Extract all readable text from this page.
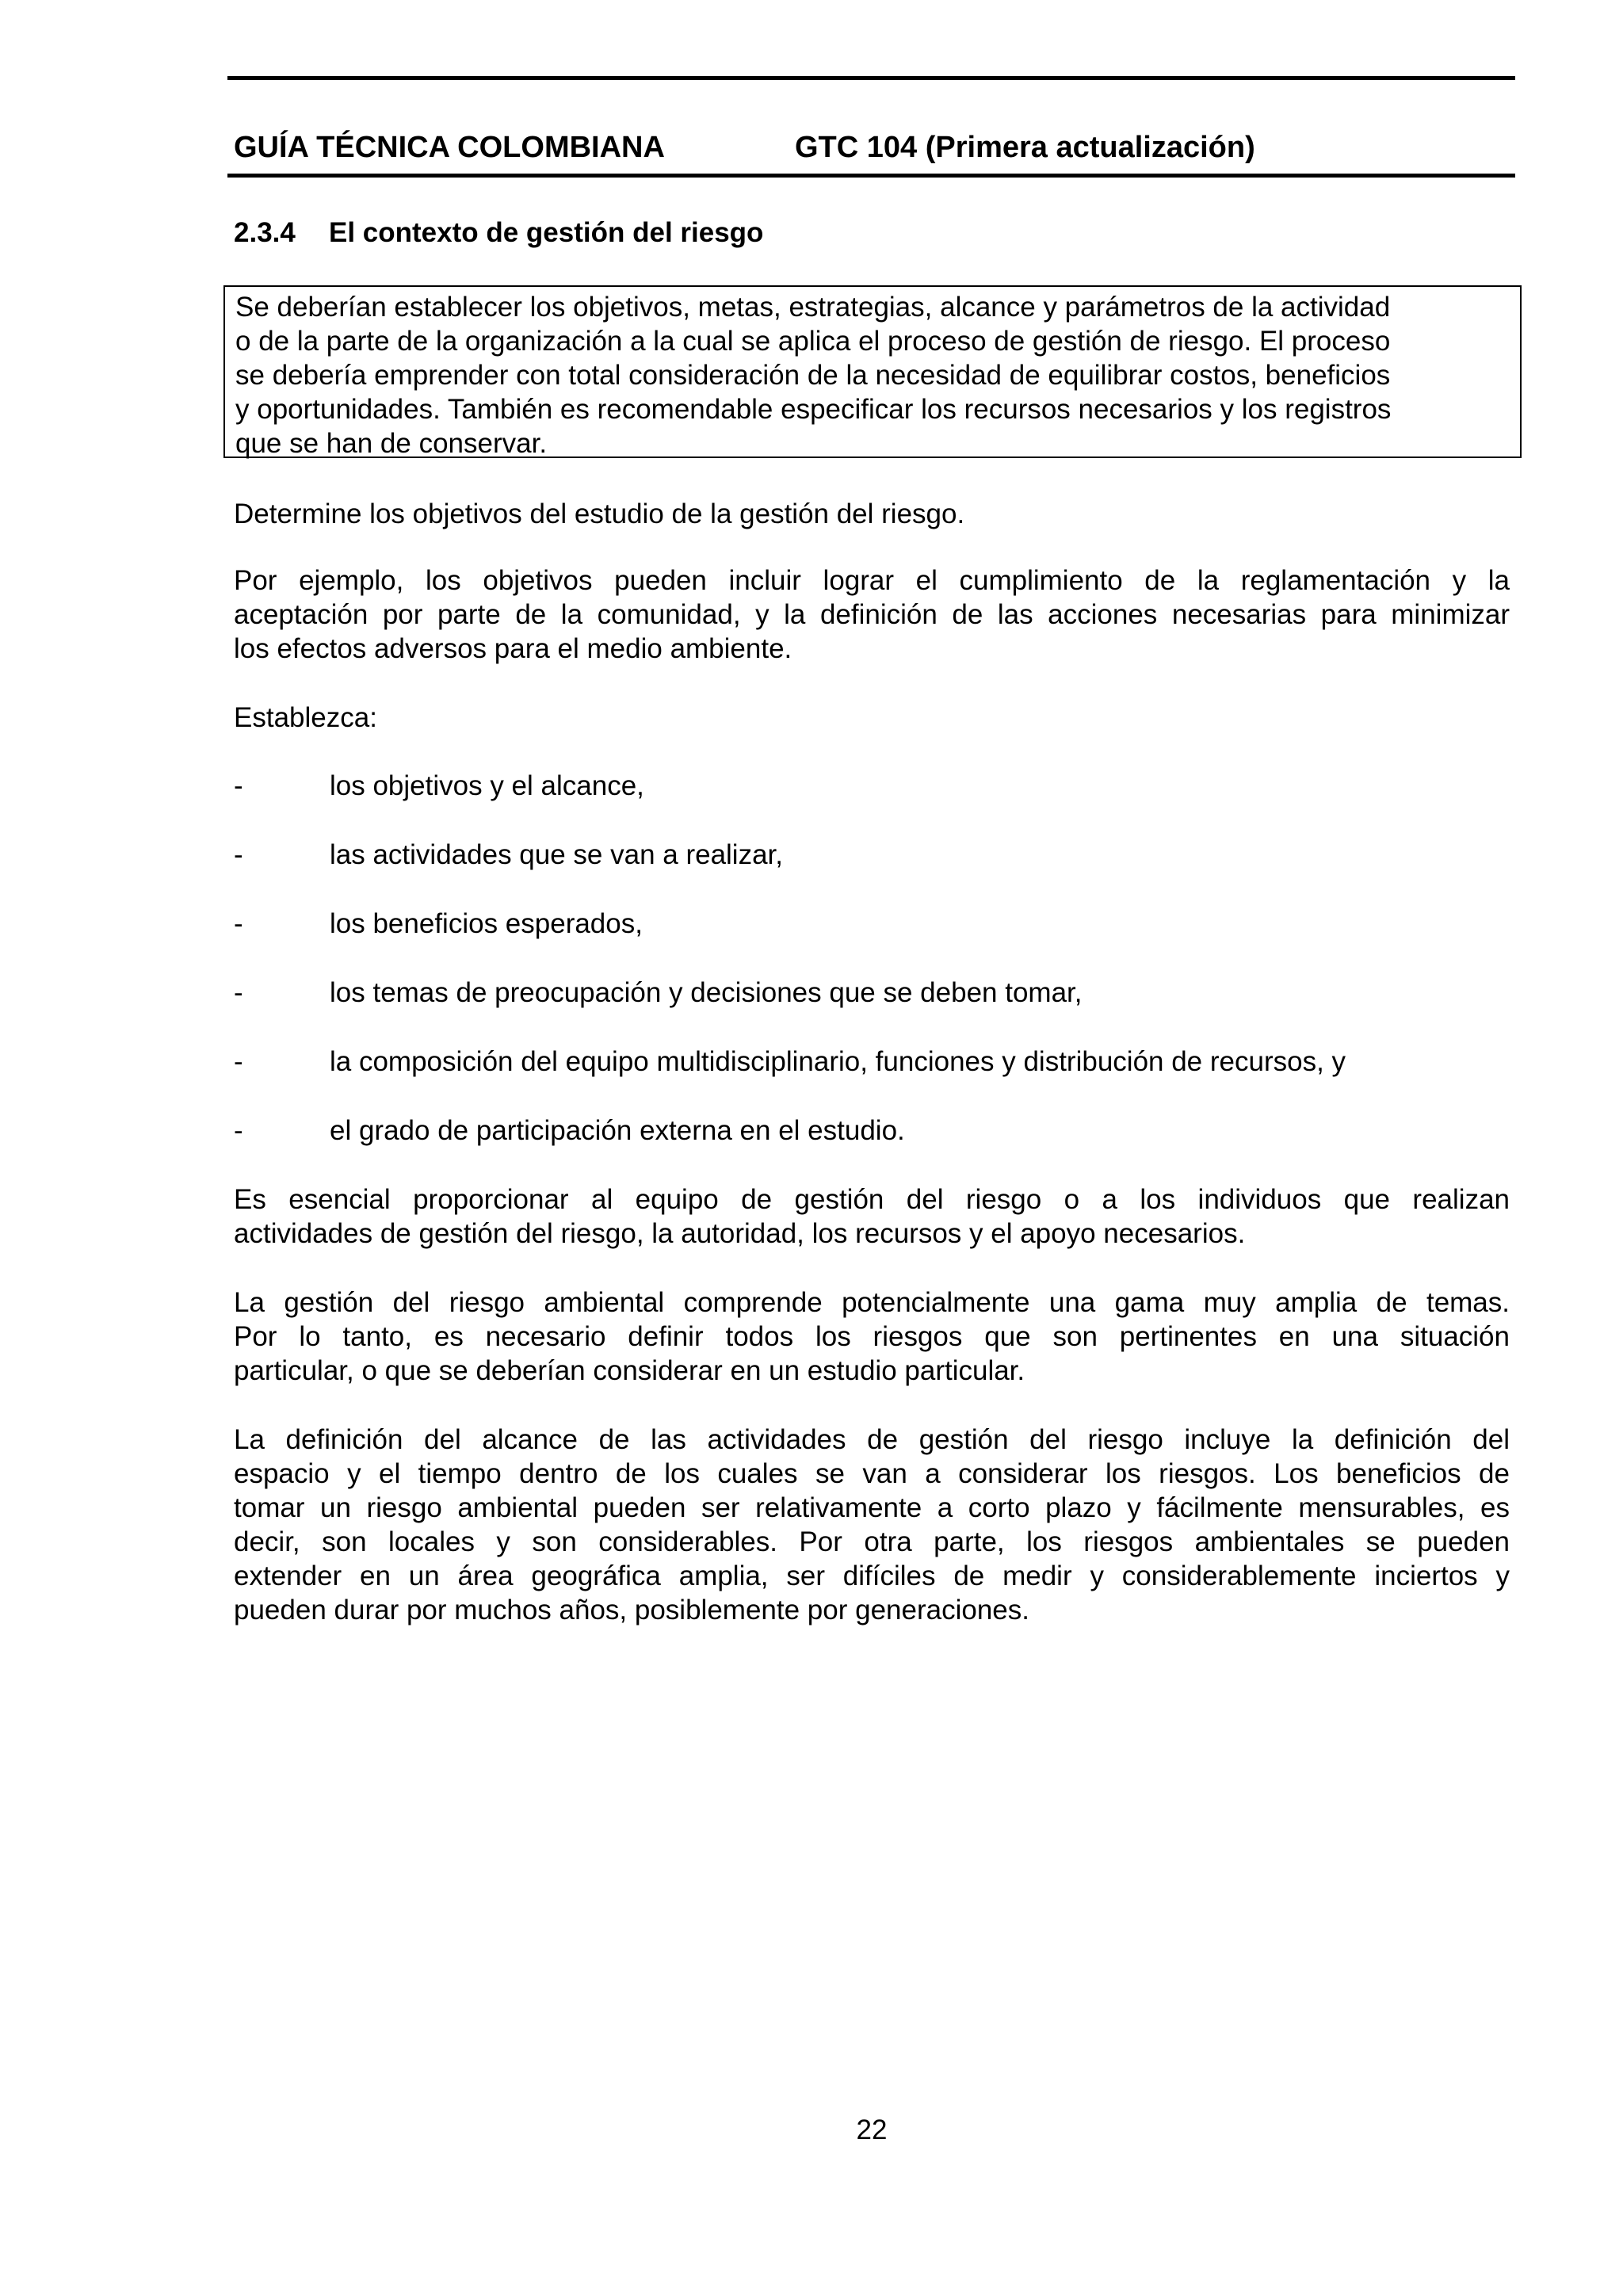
GUÍA TÉCNICA COLOMBIANA	GTC 104 (Primera actualización)
2.3.4 El contexto de gestión del riesgo
Se deberían establecer los objetivos, metas, estrategias, alcance y parámetros de la actividad
o de la parte de la organización a la cual se aplica el proceso de gestión de riesgo. El proceso
se debería emprender con total consideración de la necesidad de equilibrar costos, beneficios
y oportunidades. También es recomendable especificar los recursos necesarios y los registros
que se han de conservar.
Determine los objetivos del estudio de la gestión del riesgo.
Por ejemplo, los objetivos pueden incluir lograr el cumplimiento de la reglamentación y la
aceptación por parte de la comunidad, y la definición de las acciones necesarias para minimizar
los efectos adversos para el medio ambiente.
Establezca:
-	los objetivos y el alcance,
-	las actividades que se van a realizar,
-	los beneficios esperados,
-	los temas de preocupación y decisiones que se deben tomar,
-	la composición del equipo multidisciplinario, funciones y distribución de recursos, y
-	el grado de participación externa en el estudio.
Es esencial proporcionar al equipo de gestión del riesgo o a los individuos que realizan
actividades de gestión del riesgo, la autoridad, los recursos y el apoyo necesarios.
La gestión del riesgo ambiental comprende potencialmente una gama muy amplia de temas.
Por lo tanto, es necesario definir todos los riesgos que son pertinentes en una situación
particular, o que se deberían considerar en un estudio particular.
La definición del alcance de las actividades de gestión del riesgo incluye la definición del
espacio y el tiempo dentro de los cuales se van a considerar los riesgos. Los beneficios de
tomar un riesgo ambiental pueden ser relativamente a corto plazo y fácilmente mensurables, es
decir, son locales y son considerables. Por otra parte, los riesgos ambientales se pueden
extender en un área geográfica amplia, ser difíciles de medir y considerablemente inciertos y
pueden durar por muchos años, posiblemente por generaciones.
22
